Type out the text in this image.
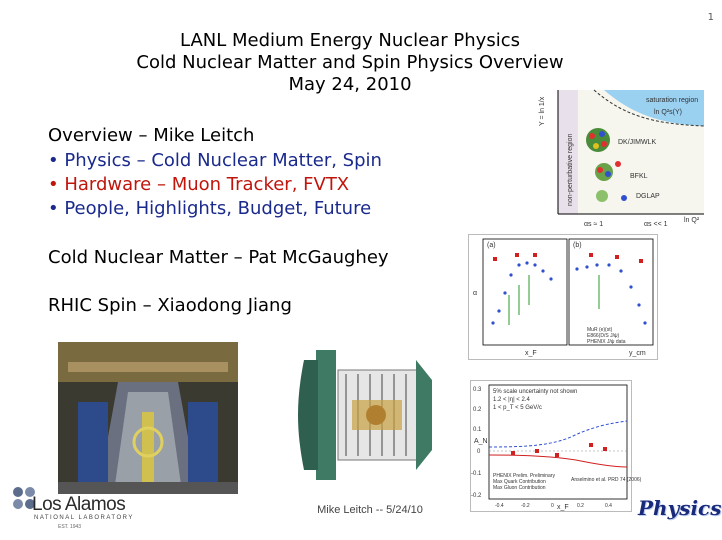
1
LANL Medium Energy Nuclear Physics
Cold Nuclear Matter and Spin Physics Overview
May 24, 2010
Overview – Mike Leitch
• Physics – Cold Nuclear Matter, Spin
• Hardware – Muon Tracker, FVTX
• People, Highlights, Budget, Future
Cold Nuclear Matter – Pat McGaughey
RHIC Spin – Xiaodong Jiang
Y = ln 1/x
non-perturbative region
saturation region
ln Q²s(Y)
DK/JIMWLK
BFKL
DGLAP
αs ≈ 1	αs << 1
ln Q²
(a)	(b)
α
x_F	y_cm
MuR (e)(st)
E866(D/S J/ψ)
PHENIX J/ψ data
A_N
x_F
0.3
0.2
0.1
0
-0.1
-0.2
5% scale uncertainty not shown
1.2 < |η| < 2.4
1 < p_T < 5 GeV/c
PHENIX Prelim. Preliminary
Max Quark Contribution
Max Gluon Contribution
Anselmino et al. PRD 74 (2006)
-0.4	-0.2	0	0.2	0.4
Los Alamos
NATIONAL LABORATORY
EST. 1943
Mike Leitch -- 5/24/10	Physics
